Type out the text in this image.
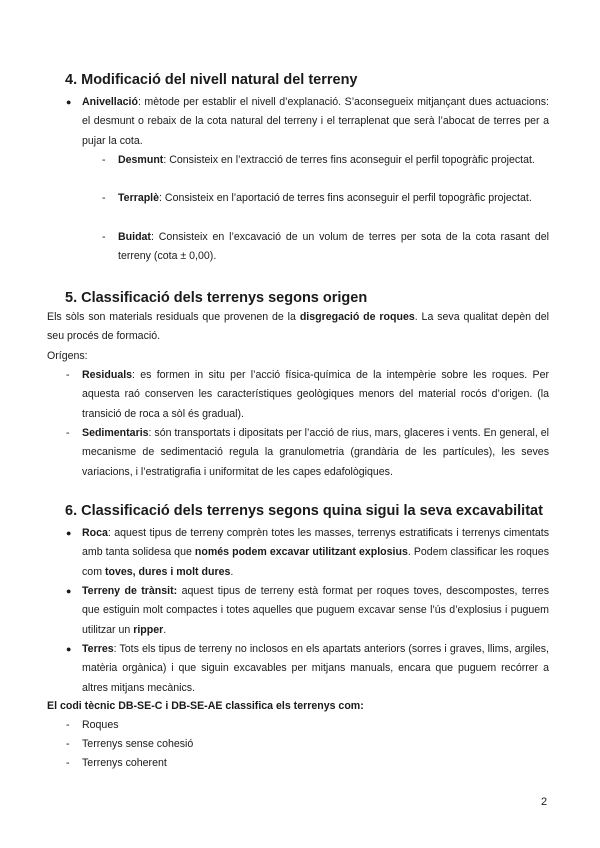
4. Modificació del nivell natural del terreny
● Anivellació: mètode per establir el nivell d’explanació. S’aconsegueix mitjançant dues actuacions: el desmunt o rebaix de la cota natural del terreny i el terraplenat que serà l’abocat de terres per a pujar la cota.
- Desmunt: Consisteix en l’extracció de terres fins aconseguir el perfil topogràfic projectat.
- Terraplè: Consisteix en l’aportació de terres fins aconseguir el perfil topogràfic projectat.
- Buidat: Consisteix en l’excavació de un volum de terres per sota de la cota rasant del terreny (cota ± 0,00).
5. Classificació dels terrenys segons origen
Els sòls son materials residuals que provenen de la disgregació de roques. La seva qualitat depèn del seu procés de formació.
Orígens:
- Residuals: es formen in situ per l’acció física-química de la intempèrie sobre les roques. Per aquesta raó conserven les característiques geològiques menors del material rocós d’origen. (la transició de roca a sòl és gradual).
- Sedimentaris: són transportats i dipositats per l’acció de rius, mars, glaceres i vents. En general, el mecanisme de sedimentació regula la granulometria (grandària de les partícules), les seves variacions, i l’estratigrafia i uniformitat de les capes edafològiques.
6. Classificació dels terrenys segons quina sigui la seva excavabilitat
● Roca: aquest tipus de terreny comprèn totes les masses, terrenys estratificats i terrenys cimentats amb tanta solidesa que només podem excavar utilitzant explosius. Podem classificar les roques com toves, dures i molt dures.
● Terreny de trànsit: aquest tipus de terreny està format per roques toves, descompostes, terres que estiguin molt compactes i totes aquelles que puguem excavar sense l’ús d’explosius i puguem utilitzar un ripper.
● Terres: Tots els tipus de terreny no inclosos en els apartats anteriors (sorres i graves, llims, argiles, matèria orgànica) i que siguin excavables per mitjans manuals, encara que puguem recórrer a altres mitjans mecànics.
El codi tècnic DB-SE-C i DB-SE-AE classifica els terrenys com:
- Roques
- Terrenys sense cohesió
- Terrenys coherent
2
